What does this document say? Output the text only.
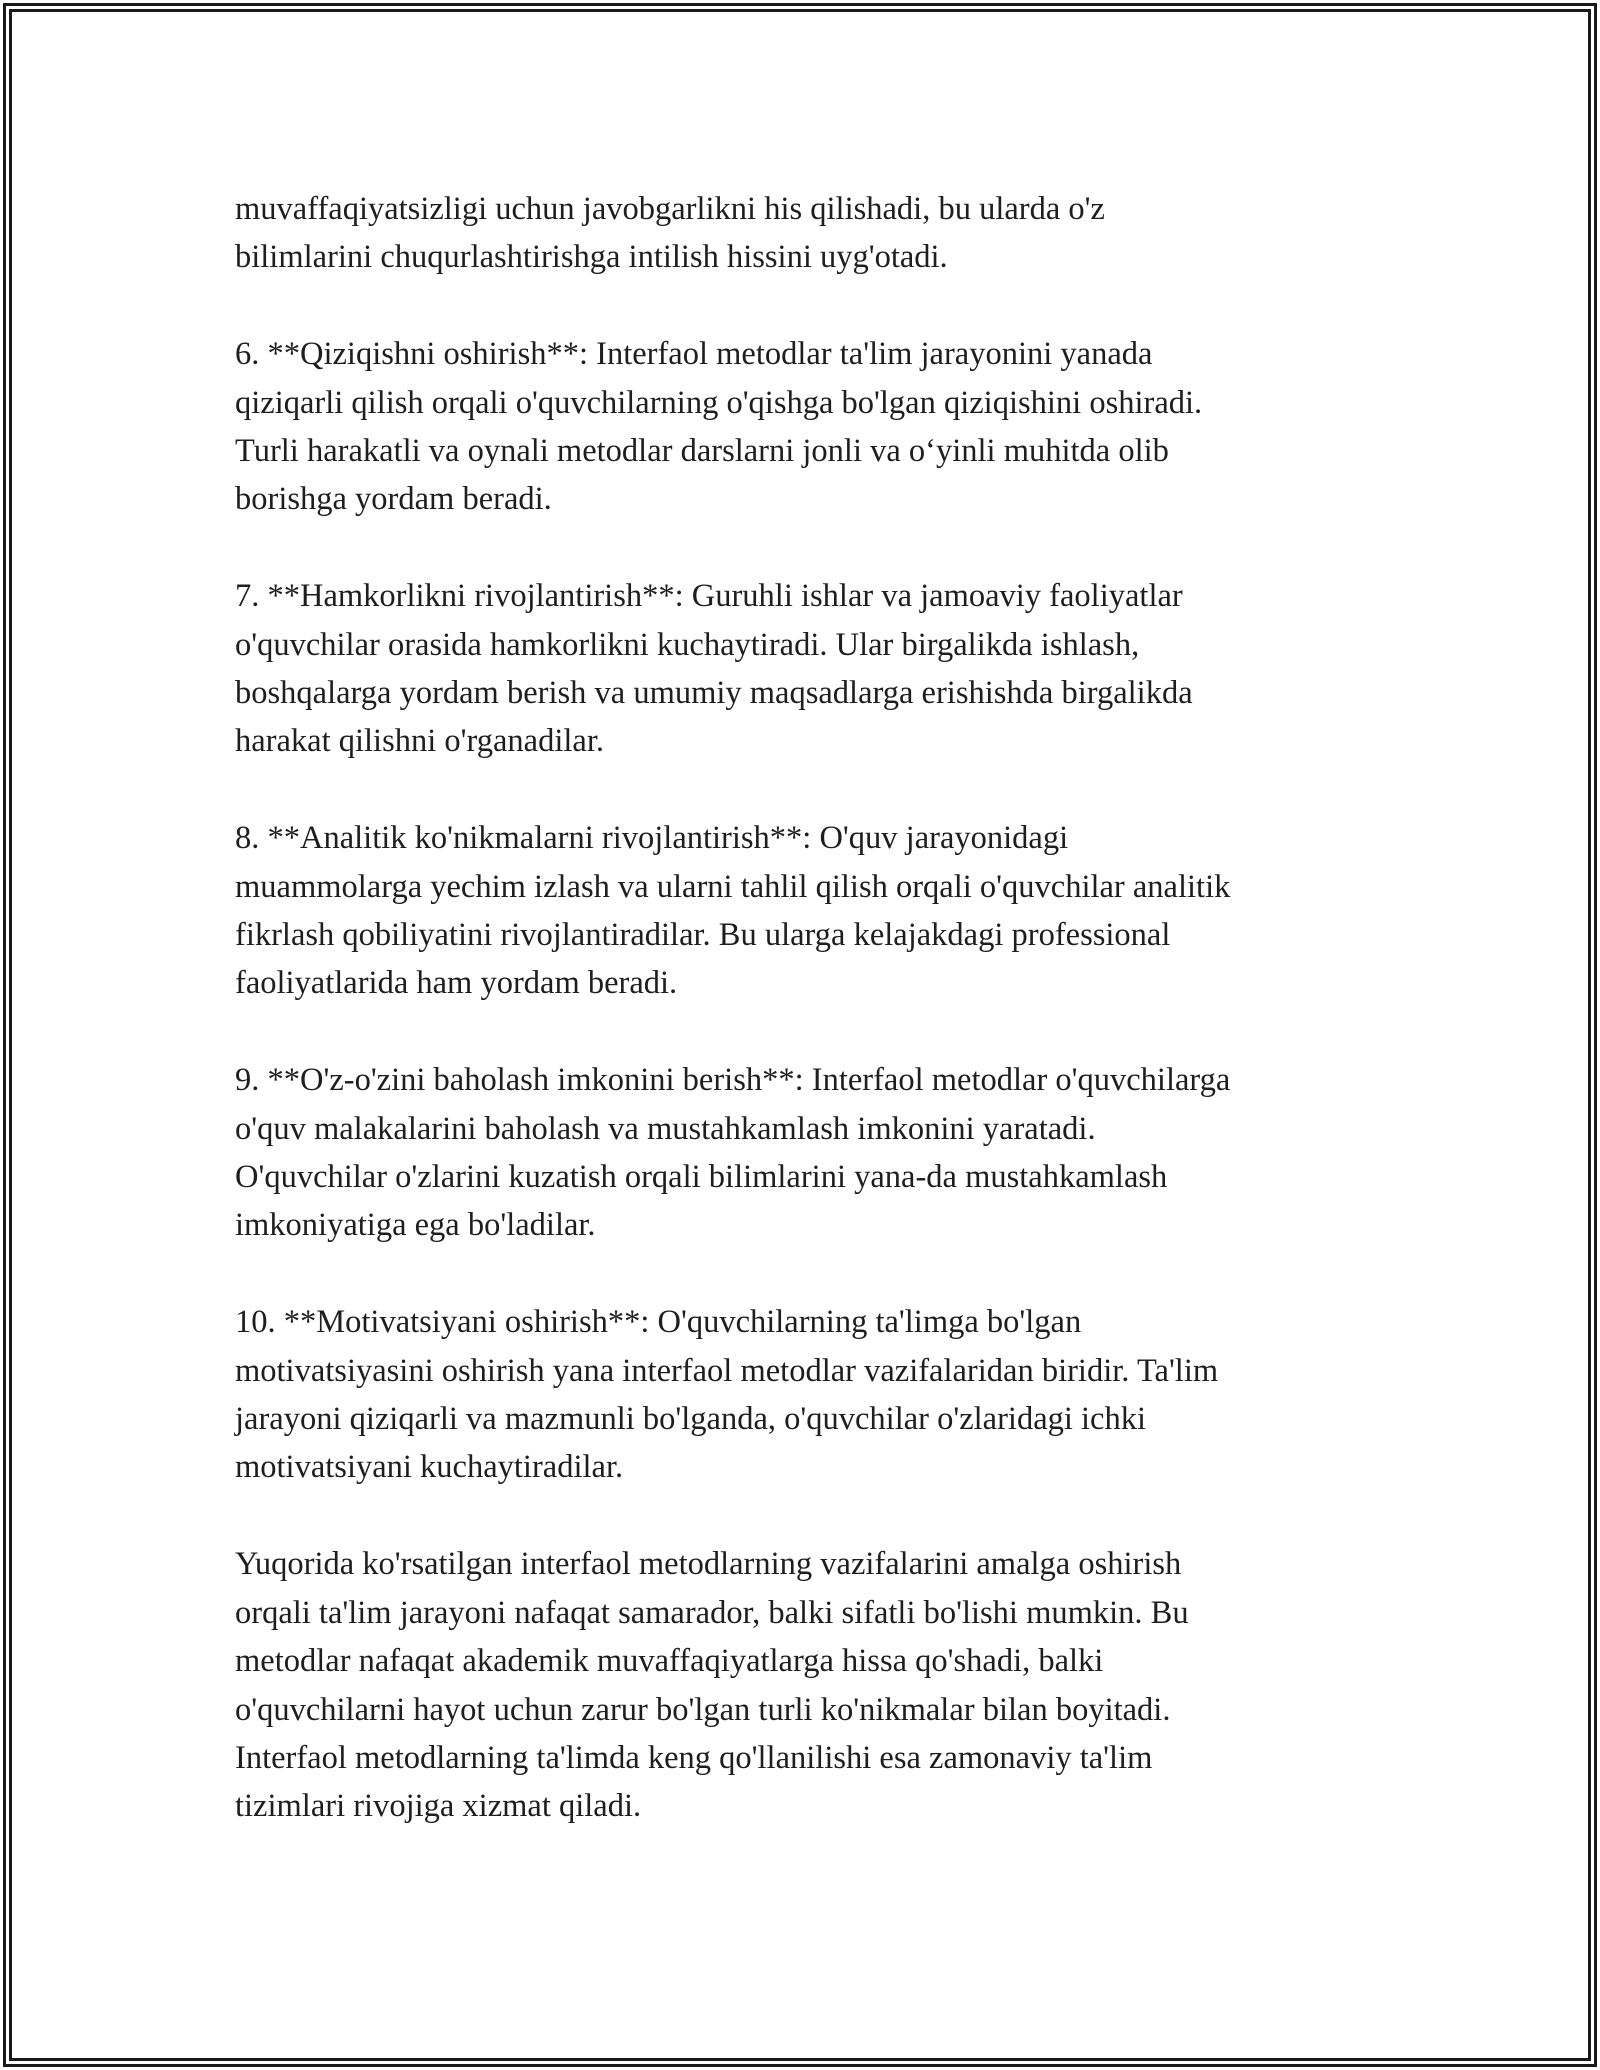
muvaffaqiyatsizligi uchun javobgarlikni his qilishadi, bu ularda o'z
bilimlarini chuqurlashtirishga intilish hissini uyg'otadi.

6. **Qiziqishni oshirish**: Interfaol metodlar ta'lim jarayonini yanada
qiziqarli qilish orqali o'quvchilarning o'qishga bo'lgan qiziqishini oshiradi.
Turli harakatli va oynali metodlar darslarni jonli va o‘yinli muhitda olib
borishga yordam beradi.

7. **Hamkorlikni rivojlantirish**: Guruhli ishlar va jamoaviy faoliyatlar
o'quvchilar orasida hamkorlikni kuchaytiradi. Ular birgalikda ishlash,
boshqalarga yordam berish va umumiy maqsadlarga erishishda birgalikda
harakat qilishni o'rganadilar.

8. **Analitik ko'nikmalarni rivojlantirish**: O'quv jarayonidagi
muammolarga yechim izlash va ularni tahlil qilish orqali o'quvchilar analitik
fikrlash qobiliyatini rivojlantiradilar. Bu ularga kelajakdagi professional
faoliyatlarida ham yordam beradi.

9. **O'z-o'zini baholash imkonini berish**: Interfaol metodlar o'quvchilarga
o'quv malakalarini baholash va mustahkamlash imkonini yaratadi.
O'quvchilar o'zlarini kuzatish orqali bilimlarini yana-da mustahkamlash
imkoniyatiga ega bo'ladilar.

10. **Motivatsiyani oshirish**: O'quvchilarning ta'limga bo'lgan
motivatsiyasini oshirish yana interfaol metodlar vazifalaridan biridir. Ta'lim
jarayoni qiziqarli va mazmunli bo'lganda, o'quvchilar o'zlaridagi ichki
motivatsiyani kuchaytiradilar.

Yuqorida ko'rsatilgan interfaol metodlarning vazifalarini amalga oshirish
orqali ta'lim jarayoni nafaqat samarador, balki sifatli bo'lishi mumkin. Bu
metodlar nafaqat akademik muvaffaqiyatlarga hissa qo'shadi, balki
o'quvchilarni hayot uchun zarur bo'lgan turli ko'nikmalar bilan boyitadi.
Interfaol metodlarning ta'limda keng qo'llanilishi esa zamonaviy ta'lim
tizimlari rivojiga xizmat qiladi.
